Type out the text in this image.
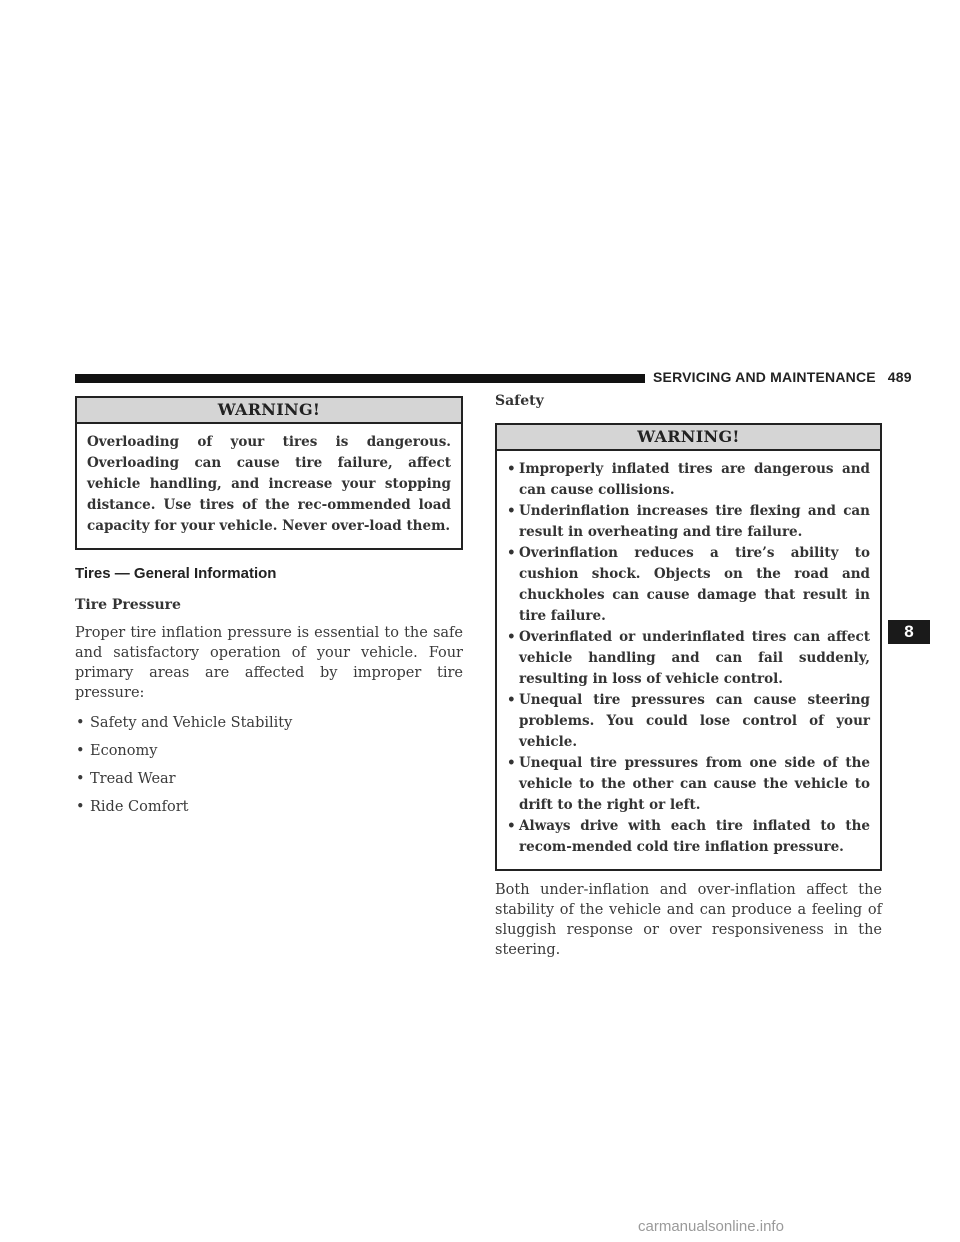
SERVICING AND MAINTENANCE 489
WARNING!
Overloading of your tires is dangerous. Overloading can cause tire failure, affect vehicle handling, and increase your stopping distance. Use tires of the rec-ommended load capacity for your vehicle. Never over-load them.
Tires — General Information
Tire Pressure

Proper tire inflation pressure is essential to the safe and satisfactory operation of your vehicle. Four primary areas are affected by improper tire pressure:

• Safety and Vehicle Stability
• Economy
• Tread Wear
• Ride Comfort
Safety
WARNING!
• Improperly inflated tires are dangerous and can cause collisions.
• Underinflation increases tire flexing and can result in overheating and tire failure.
• Overinflation reduces a tire’s ability to cushion shock. Objects on the road and chuckholes can cause damage that result in tire failure.
• Overinflated or underinflated tires can affect vehicle handling and can fail suddenly, resulting in loss of vehicle control.
• Unequal tire pressures can cause steering problems. You could lose control of your vehicle.
• Unequal tire pressures from one side of the vehicle to the other can cause the vehicle to drift to the right or left.
• Always drive with each tire inflated to the recom-mended cold tire inflation pressure.

Both under-inflation and over-inflation affect the stability of the vehicle and can produce a feeling of sluggish response or over responsiveness in the steering.

8
carmanualsonline.info
